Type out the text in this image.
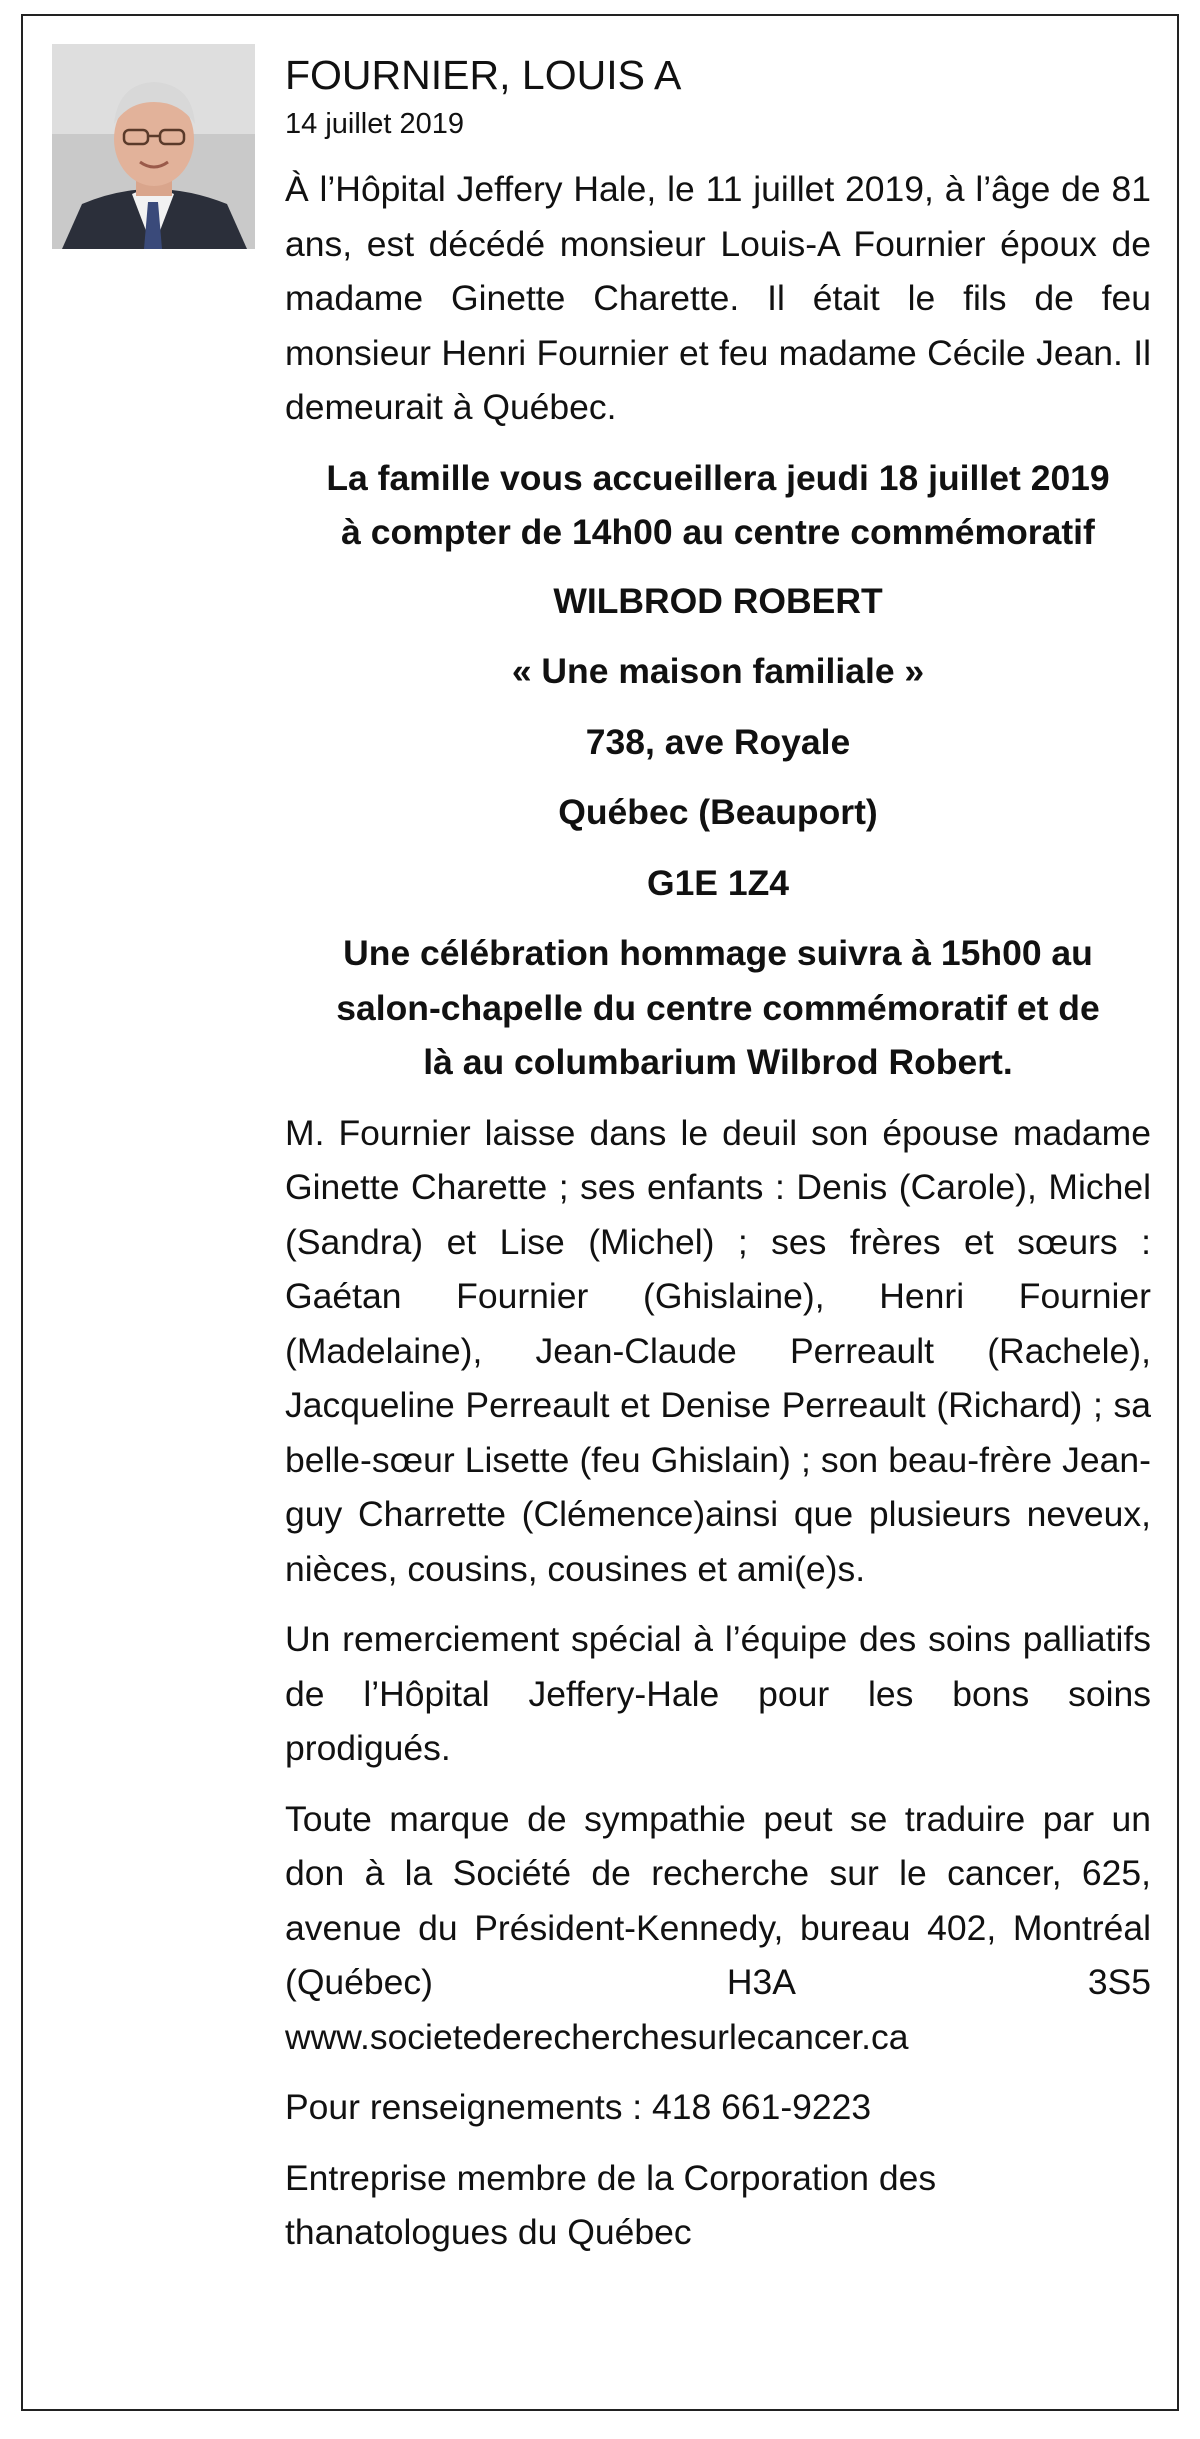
FOURNIER, LOUIS A
14 juillet 2019

À l’Hôpital Jeffery Hale, le 11 juillet 2019, à l’âge de 81 ans, est décédé monsieur Louis-A Fournier époux de madame Ginette Charette. Il était le fils de feu monsieur Henri Fournier et feu madame Cécile Jean. Il demeurait à Québec.

La famille vous accueillera jeudi 18 juillet 2019
à compter de 14h00 au centre commémoratif
WILBROD ROBERT
« Une maison familiale »
738, ave Royale
Québec (Beauport)
G1E 1Z4
Une célébration hommage suivra à 15h00 au
salon-chapelle du centre commémoratif et de
là au columbarium Wilbrod Robert.

M. Fournier laisse dans le deuil son épouse madame Ginette Charette ; ses enfants : Denis (Carole), Michel (Sandra) et Lise (Michel) ; ses frères et sœurs : Gaétan Fournier (Ghislaine), Henri Fournier (Madelaine), Jean-Claude Perreault (Rachele), Jacqueline Perreault et Denise Perreault (Richard) ; sa belle-sœur Lisette (feu Ghislain) ; son beau-frère Jean-guy Charrette (Clémence)ainsi que plusieurs neveux, nièces, cousins, cousines et ami(e)s.

Un remerciement spécial à l’équipe des soins palliatifs de l’Hôpital Jeffery-Hale pour les bons soins prodigués.

Toute marque de sympathie peut se traduire par un don à la Société de recherche sur le cancer, 625, avenue du Président-Kennedy, bureau 402, Montréal (Québec) H3A 3S5

www.societederecherchesurlecancer.ca

Pour renseignements : 418 661-9223

Entreprise membre de la Corporation des
thanatologues du Québec
